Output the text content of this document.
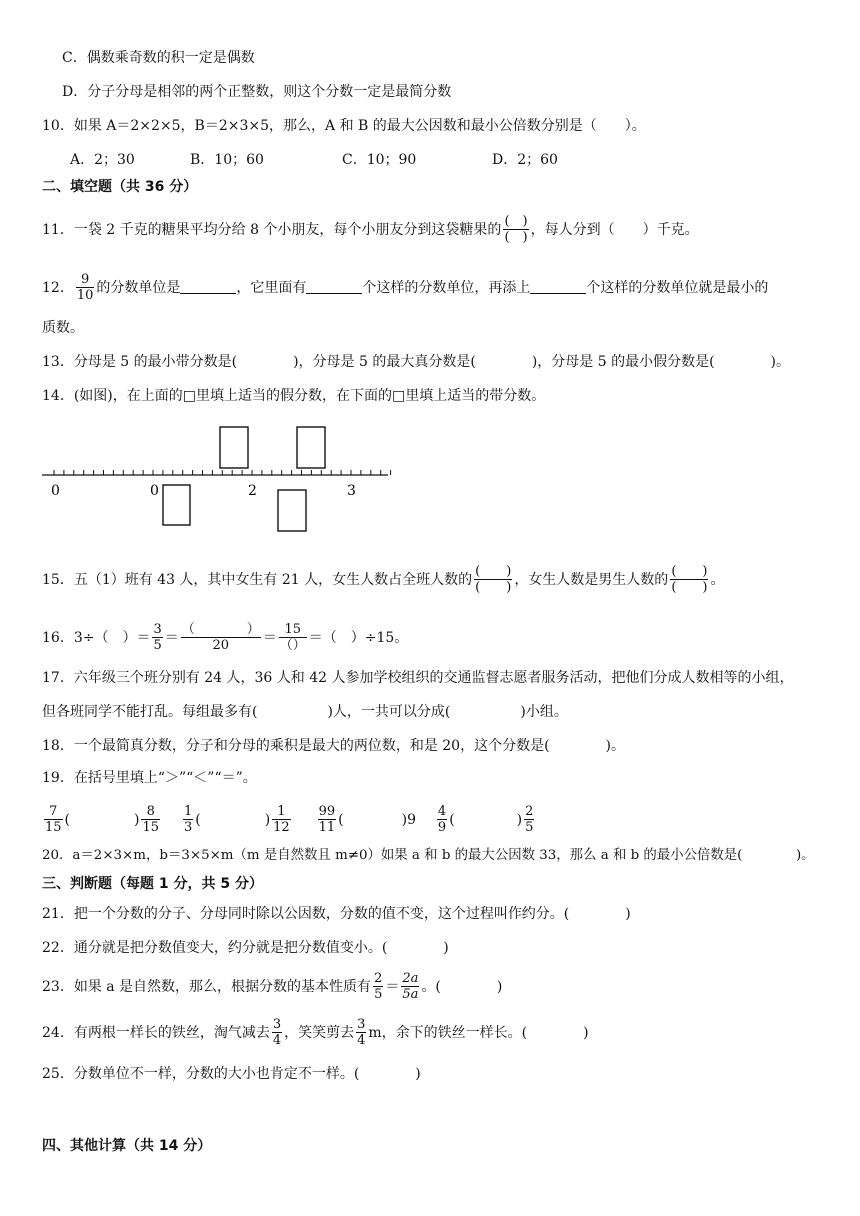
C．偶数乘奇数的积一定是偶数
D．分子分母是相邻的两个正整数，则这个分数一定是最简分数
10．如果 A＝2×2×5，B＝2×3×5，那么，A 和 B 的最大公因数和最小公倍数分别是（　　）。
A．2；30	B．10；60	C．10；90	D．2；60
二、填空题（共 36 分）
11．一袋 2 千克的糖果平均分给 8 个小朋友，每个小朋友分到这袋糖果的 $\frac{( )}{( )}$ ，每人分到（　　）千克。
12． $\frac{9}{10}$ 的分数单位是	，它里面有	个这样的分数单位，再添上	个这样的分数单位就是最小的
质数。
13．分母是 5 的最小带分数是(　　　　)，分母是 5 的最大真分数是(　　　　)，分母是 5 的最小假分数是(　　　　)。
14．(如图)，在上面的□里填上适当的假分数，在下面的□里填上适当的带分数。
0	0	2	3
15．五（1）班有 43 人，其中女生有 21 人，女生人数占全班人数的 $\frac{( )}{( )}$ ，女生人数是男生人数的 $\frac{( )}{( )}$ 。
16．3÷（　）＝ $\frac{3}{5} = \frac{( )}{20} = \frac{15}{()}$ ＝（　）÷15。
17．六年级三个班分别有 24 人，36 人和 42 人参加学校组织的交通监督志愿者服务活动，把他们分成人数相等的小组，
但各班同学不能打乱。每组最多有(　　　　　)人，一共可以分成(　　　　　)小组。
18．一个最简真分数，分子和分母的乘积是最大的两位数，和是 20，这个分数是(　　　　)。
19．在括号里填上“＞”“＜”“＝”。
$\frac{7}{15}$ (	) $\frac{8}{15}$
$\frac{1}{3}$ (	) $\frac{1}{12}$
$\frac{99}{11}$ (	)$9 \frac{4}{9}$ (	) $\frac{2}{5}$
20．a＝2×3×m，b＝3×5×m（m 是自然数且 m≠0）如果 a 和 b 的最大公因数 33，那么 a 和 b 的最小公倍数是(　　　　)。
三、判断题（每题 1 分，共 5 分）
21．把一个分数的分子、分母同时除以公因数，分数的值不变，这个过程叫作约分。(　　　　)
22．通分就是把分数值变大，约分就是把分数值变小。(　　　　)
23．如果 a 是自然数，那么，根据分数的基本性质有 $\frac{2}{5} = \frac{2a}{5a}$ 。(　　　　)
24．有两根一样长的铁丝，淘气减去 $\frac{3}{4}$ ，笑笑剪去 $\frac{3}{4}$ m，余下的铁丝一样长。(　　　　)
25．分数单位不一样，分数的大小也肯定不一样。(　　　　)
四、其他计算（共 14 分）
